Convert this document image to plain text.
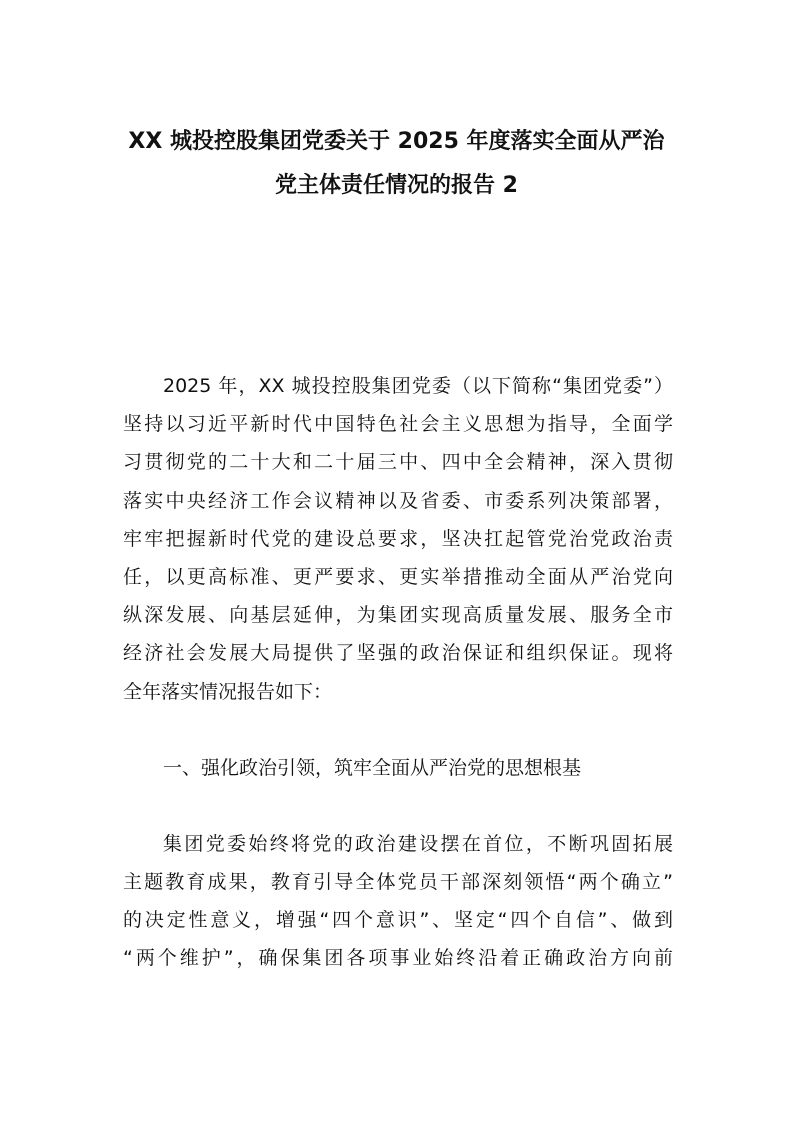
XX 城投控股集团党委关于 2025 年度落实全面从严治
党主体责任情况的报告 2
2025 年，XX 城投控股集团党委（以下简称“集团党委”）
坚持以习近平新时代中国特色社会主义思想为指导，全面学
习贯彻党的二十大和二十届三中、四中全会精神，深入贯彻
落实中央经济工作会议精神以及省委、市委系列决策部署，
牢牢把握新时代党的建设总要求，坚决扛起管党治党政治责
任，以更高标准、更严要求、更实举措推动全面从严治党向
纵深发展、向基层延伸，为集团实现高质量发展、服务全市
经济社会发展大局提供了坚强的政治保证和组织保证。现将
全年落实情况报告如下：
一、强化政治引领，筑牢全面从严治党的思想根基
集团党委始终将党的政治建设摆在首位，不断巩固拓展
主题教育成果，教育引导全体党员干部深刻领悟“两个确立”
的决定性意义，增强“四个意识”、坚定“四个自信”、做到
“两个维护”，确保集团各项事业始终沿着正确政治方向前
